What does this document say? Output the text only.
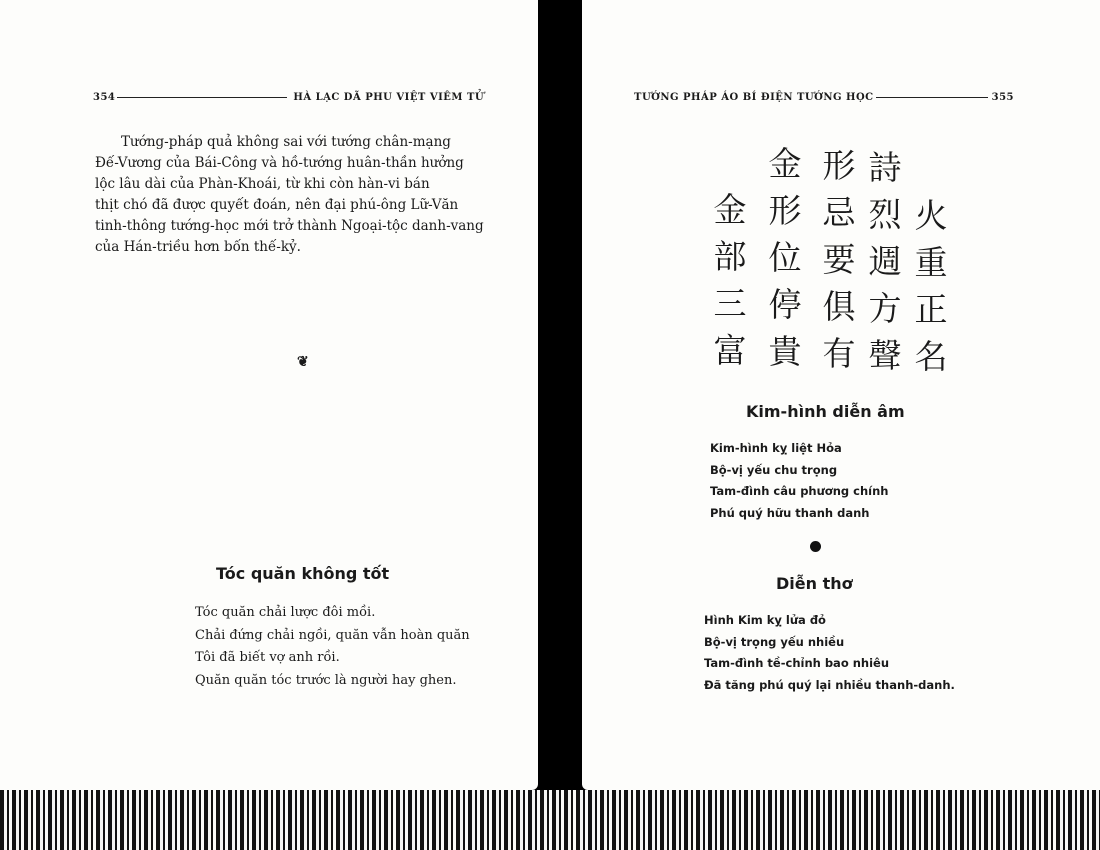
354	HÀ LẠC DÃ PHU VIỆT VIÊM TỬ
Tướng-pháp quả không sai với tướng chân-mạng
Đế-Vương của Bái-Công và hồ-tướng huân-thần hưởng
lộc lâu dài của Phàn-Khoái, từ khi còn hàn-vi bán
thịt chó đã được quyết đoán, nên đại phú-ông Lữ-Văn
tinh-thông tướng-học mới trở thành Ngoại-tộc danh-vang
của Hán-triều hơn bốn thế-kỷ.
❦
Tóc quăn không tốt
Tóc quăn chải lược đôi mồi.
Chải đứng chải ngồi, quăn vẫn hoàn quăn
Tôi đã biết vợ anh rồi.
Quăn quăn tóc trước là người hay ghen.
TƯỚNG PHÁP ÁO BÍ ĐIỆN TƯỚNG HỌC	355
火
重
正
名
詩
烈
週
方
聲
形
忌
要
俱
有
金
形
位
停
貴
金
部
三
富
Kim-hình diễn âm
Kim-hình kỵ liệt Hỏa
Bộ-vị yếu chu trọng
Tam-đình câu phương chính
Phú quý hữu thanh danh
Diễn thơ
Hình Kim kỵ lửa đỏ
Bộ-vị trọng yếu nhiều
Tam-đình tề-chỉnh bao nhiêu
Đã tăng phú quý lại nhiều thanh-danh.
